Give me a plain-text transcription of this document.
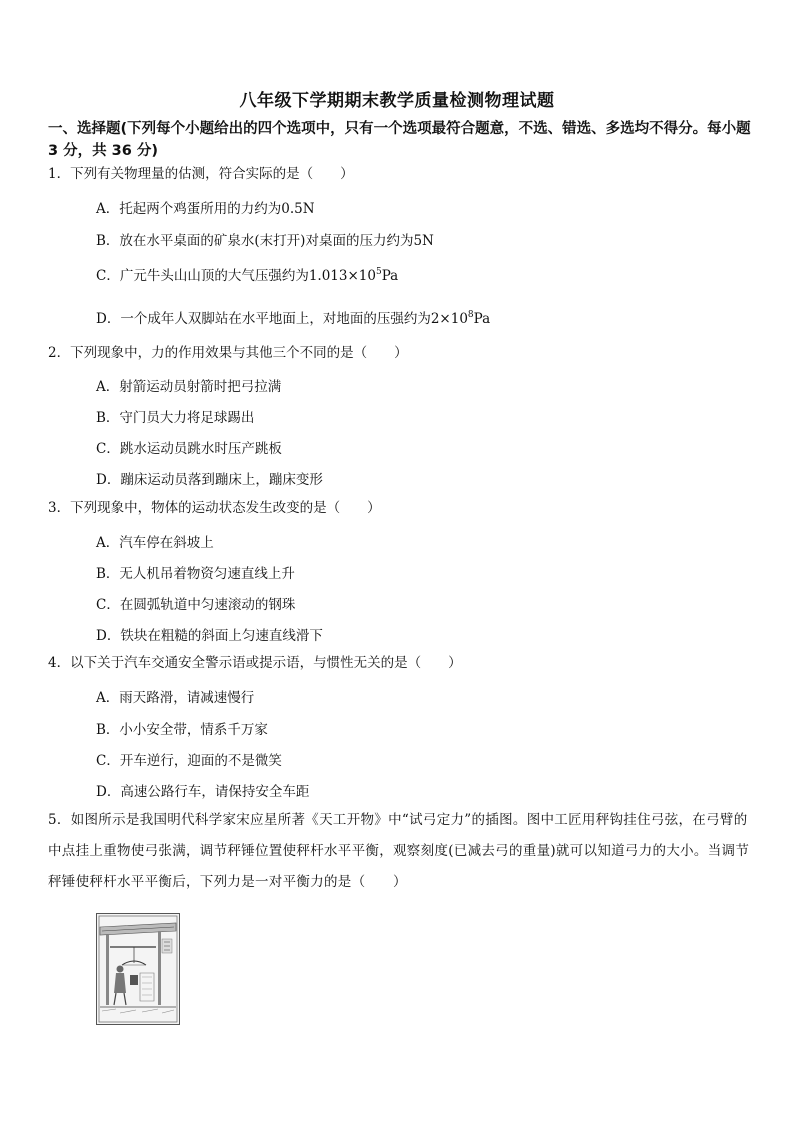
八年级下学期期末教学质量检测物理试题
一、选择题(下列每个小题给出的四个选项中，只有一个选项最符合题意，不选、错选、多选均不得分。每小题 3 分，共 36 分)
1．下列有关物理量的估测，符合实际的是（　　）
A．托起两个鸡蛋所用的力约为0.5N
B．放在水平桌面的矿泉水(末打开)对桌面的压力约为5N
C．广元牛头山山顶的大气压强约为$1.013\times 10^5Pa$
D．一个成年人双脚站在水平地面上，对地面的压强约为$2\times 10^8Pa$
2．下列现象中，力的作用效果与其他三个不同的是（　　）
A．射箭运动员射箭时把弓拉满
B．守门员大力将足球踢出
C．跳水运动员跳水时压产跳板
D．蹦床运动员落到蹦床上，蹦床变形
3．下列现象中，物体的运动状态发生改变的是（　　）
A．汽车停在斜坡上
B．无人机吊着物资匀速直线上升
C．在圆弧轨道中匀速滚动的钢珠
D．铁块在粗糙的斜面上匀速直线滑下
4．以下关于汽车交通安全警示语或提示语，与惯性无关的是（　　）
A．雨天路滑，请减速慢行
B．小小安全带，情系千万家
C．开车逆行，迎面的不是微笑
D．高速公路行车，请保持安全车距
5．如图所示是我国明代科学家宋应星所著《天工开物》中“试弓定力”的插图。图中工匠用秤钩挂住弓弦，在弓臂的中点挂上重物使弓张满，调节秤锤位置使秤杆水平平衡，观察刻度(已减去弓的重量)就可以知道弓力的大小。当调节秤锤使秤杆水平平衡后，下列力是一对平衡力的是（　　）
